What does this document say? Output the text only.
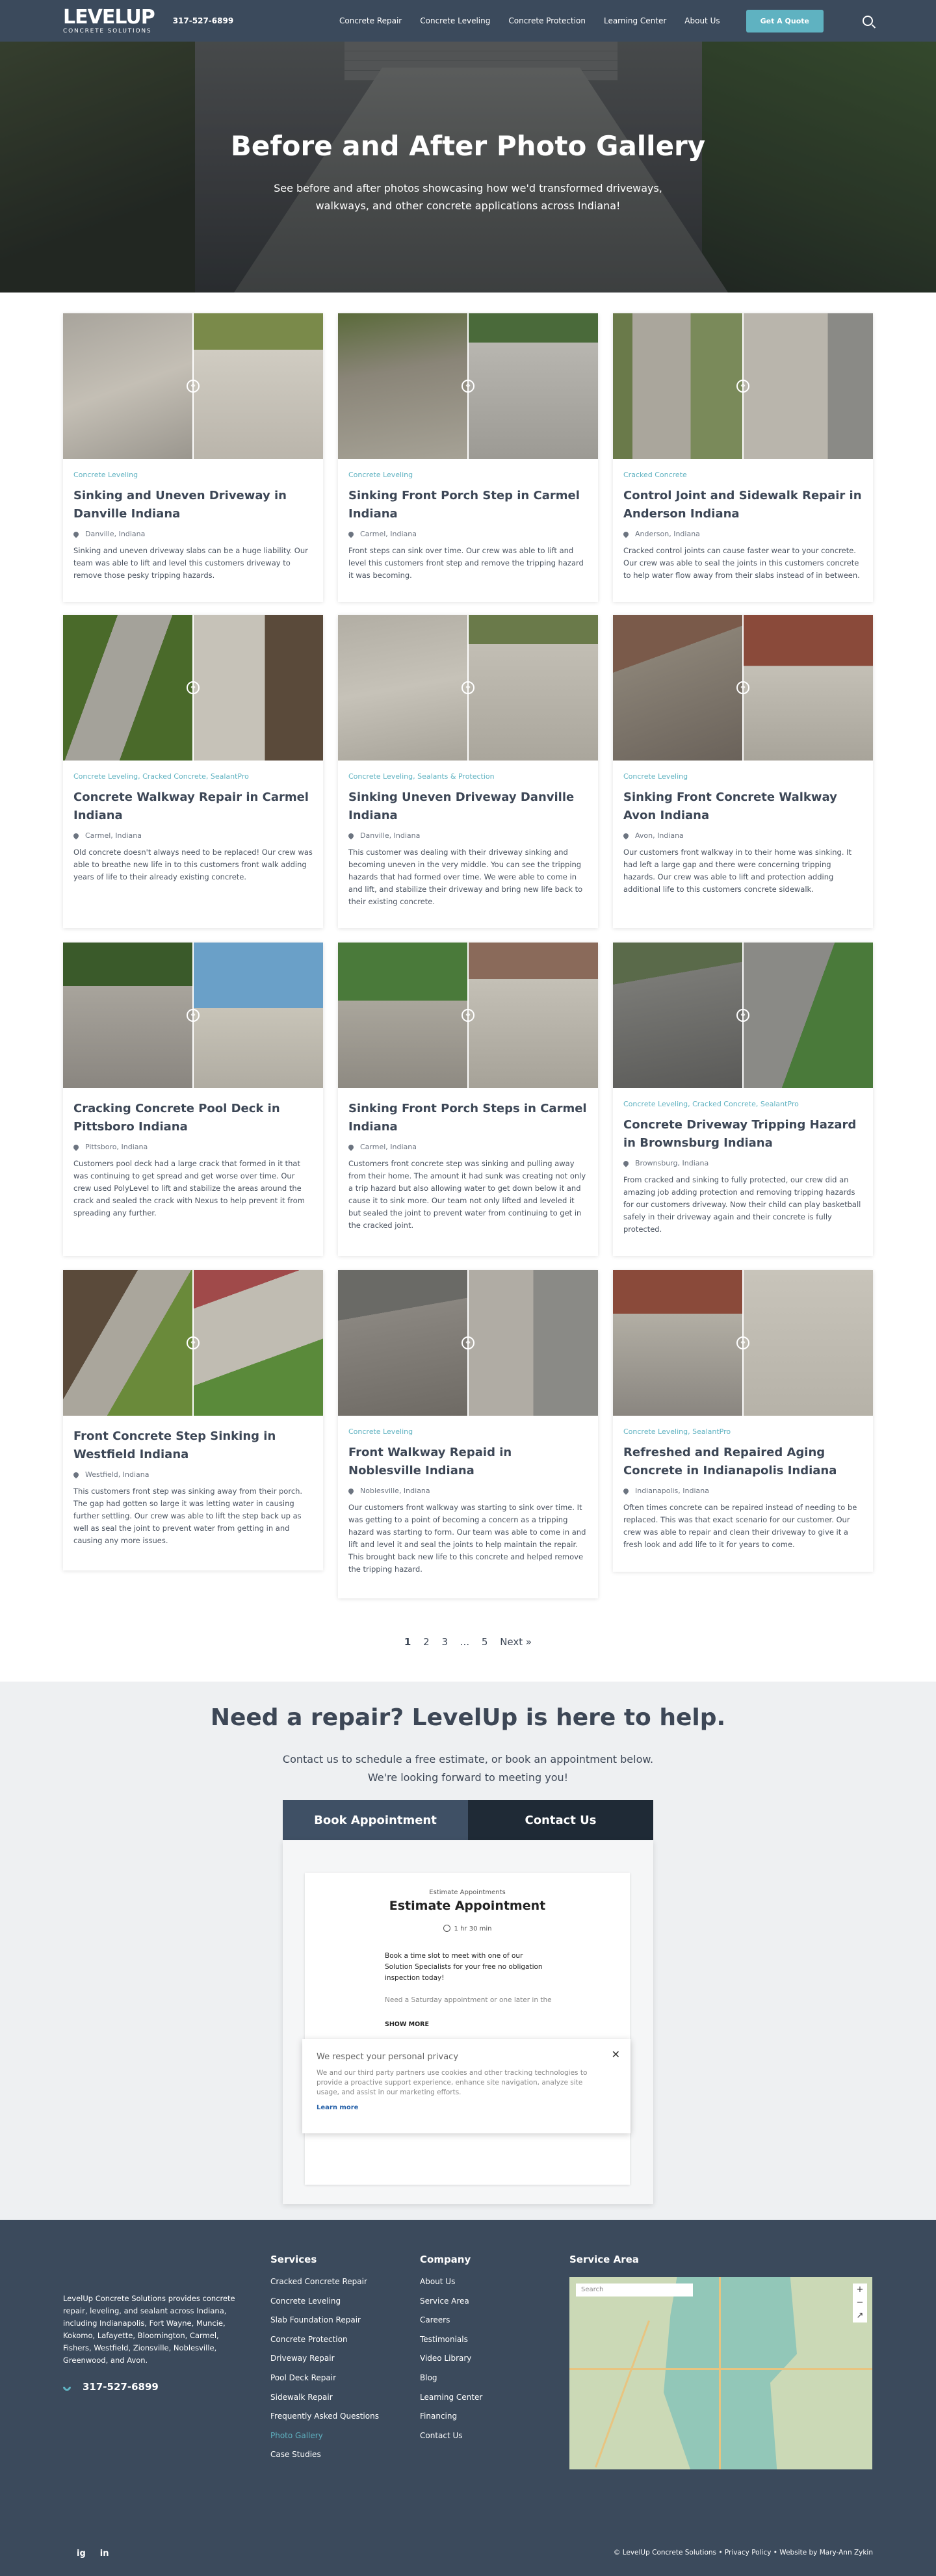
LEVELUP
CONCRETE SOLUTIONS
317-527-6899	Concrete Repair Concrete Leveling Concrete Protection Learning Center About Us	Get A Quote
Before and After Photo Gallery

See before and after photos showcasing how we'd transformed driveways, walkways, and other concrete applications across Indiana!

⇔
Concrete Leveling
Sinking and Uneven Driveway in Danville Indiana
Danville, Indiana
Sinking and uneven driveway slabs can be a huge liability. Our team was able to lift and level this customers driveway to remove those pesky tripping hazards.
⇔
Concrete Leveling
Sinking Front Porch Step in Carmel Indiana
Carmel, Indiana
Front steps can sink over time. Our crew was able to lift and level this customers front step and remove the tripping hazard it was becoming.
⇔
Cracked Concrete
Control Joint and Sidewalk Repair in Anderson Indiana
Anderson, Indiana
Cracked control joints can cause faster wear to your concrete. Our crew was able to seal the joints in this customers concrete to help water flow away from their slabs instead of in between.
⇔
Concrete Leveling, Cracked Concrete, SealantPro
Concrete Walkway Repair in Carmel Indiana
Carmel, Indiana
Old concrete doesn't always need to be replaced! Our crew was able to breathe new life in to this customers front walk adding years of life to their already existing concrete.
⇔
Concrete Leveling, Sealants & Protection
Sinking Uneven Driveway Danville Indiana
Danville, Indiana
This customer was dealing with their driveway sinking and becoming uneven in the very middle. You can see the tripping hazards that had formed over time. We were able to come in and lift, and stabilize their driveway and bring new life back to their existing concrete.
⇔
Concrete Leveling
Sinking Front Concrete Walkway Avon Indiana
Avon, Indiana
Our customers front walkway in to their home was sinking. It had left a large gap and there were concerning tripping hazards. Our crew was able to lift and protection adding additional life to this customers concrete sidewalk.
⇔
Cracking Concrete Pool Deck in Pittsboro Indiana
Pittsboro, Indiana
Customers pool deck had a large crack that formed in it that was continuing to get spread and get worse over time. Our crew used PolyLevel to lift and stabilize the areas around the crack and sealed the crack with Nexus to help prevent it from spreading any further.
⇔
Sinking Front Porch Steps in Carmel Indiana
Carmel, Indiana
Customers front concrete step was sinking and pulling away from their home. The amount it had sunk was creating not only a trip hazard but also allowing water to get down below it and cause it to sink more. Our team not only lifted and leveled it but sealed the joint to prevent water from continuing to get in the cracked joint.
⇔
Concrete Leveling, Cracked Concrete, SealantPro
Concrete Driveway Tripping Hazard in Brownsburg Indiana
Brownsburg, Indiana
From cracked and sinking to fully protected, our crew did an amazing job adding protection and removing tripping hazards for our customers driveway. Now their child can play basketball safely in their driveway again and their concrete is fully protected.
⇔
Front Concrete Step Sinking in Westfield Indiana
Westfield, Indiana
This customers front step was sinking away from their porch. The gap had gotten so large it was letting water in causing further settling. Our crew was able to lift the step back up as well as seal the joint to prevent water from getting in and causing any more issues.
⇔
Concrete Leveling
Front Walkway Repaid in Noblesville Indiana
Noblesville, Indiana
Our customers front walkway was starting to sink over time. It was getting to a point of becoming a concern as a tripping hazard was starting to form. Our team was able to come in and lift and level it and seal the joints to help maintain the repair. This brought back new life to this concrete and helped remove the tripping hazard.
⇔
Concrete Leveling, SealantPro
Refreshed and Repaired Aging Concrete in Indianapolis Indiana
Indianapolis, Indiana
Often times concrete can be repaired instead of needing to be replaced. This was that exact scenario for our customer. Our crew was able to repair and clean their driveway to give it a fresh look and add life to it for years to come.
1 2 3 ... 5 Next »
Need a repair? LevelUp is here to help.
Contact us to schedule a free estimate, or book an appointment below. We're looking forward to meeting you!
Book Appointment	Contact Us
Estimate Appointments
Estimate Appointment
1 hr 30 min
Book a time slot to meet with one of our Solution Specialists for your free no obligation inspection today!
Need a Saturday appointment or one later in the
SHOW MORE
We respect your personal privacy
We and our third party partners use cookies and other tracking technologies to provide a proactive support experience, enhance site navigation, analyze site usage, and assist in our marketing efforts.
Learn more
✕
LevelUp Concrete Solutions provides concrete repair, leveling, and sealant across Indiana, including Indianapolis, Fort Wayne, Muncie, Kokomo, Lafayette, Bloomington, Carmel, Fishers, Westfield, Zionsville, Noblesville, Greenwood, and Avon.
317-527-6899
Services
Cracked Concrete Repair
Concrete Leveling
Slab Foundation Repair
Concrete Protection
Driveway Repair
Pool Deck Repair
Sidewalk Repair
Frequently Asked Questions
Photo Gallery
Case Studies
Company
About Us
Service Area
Careers
Testimonials
Video Library
Blog
Learning Center
Financing
Contact Us
Service Area
Search	+
−
↗
ig in	© LevelUp Concrete Solutions • Privacy Policy • Website by Mary-Ann Zykin
